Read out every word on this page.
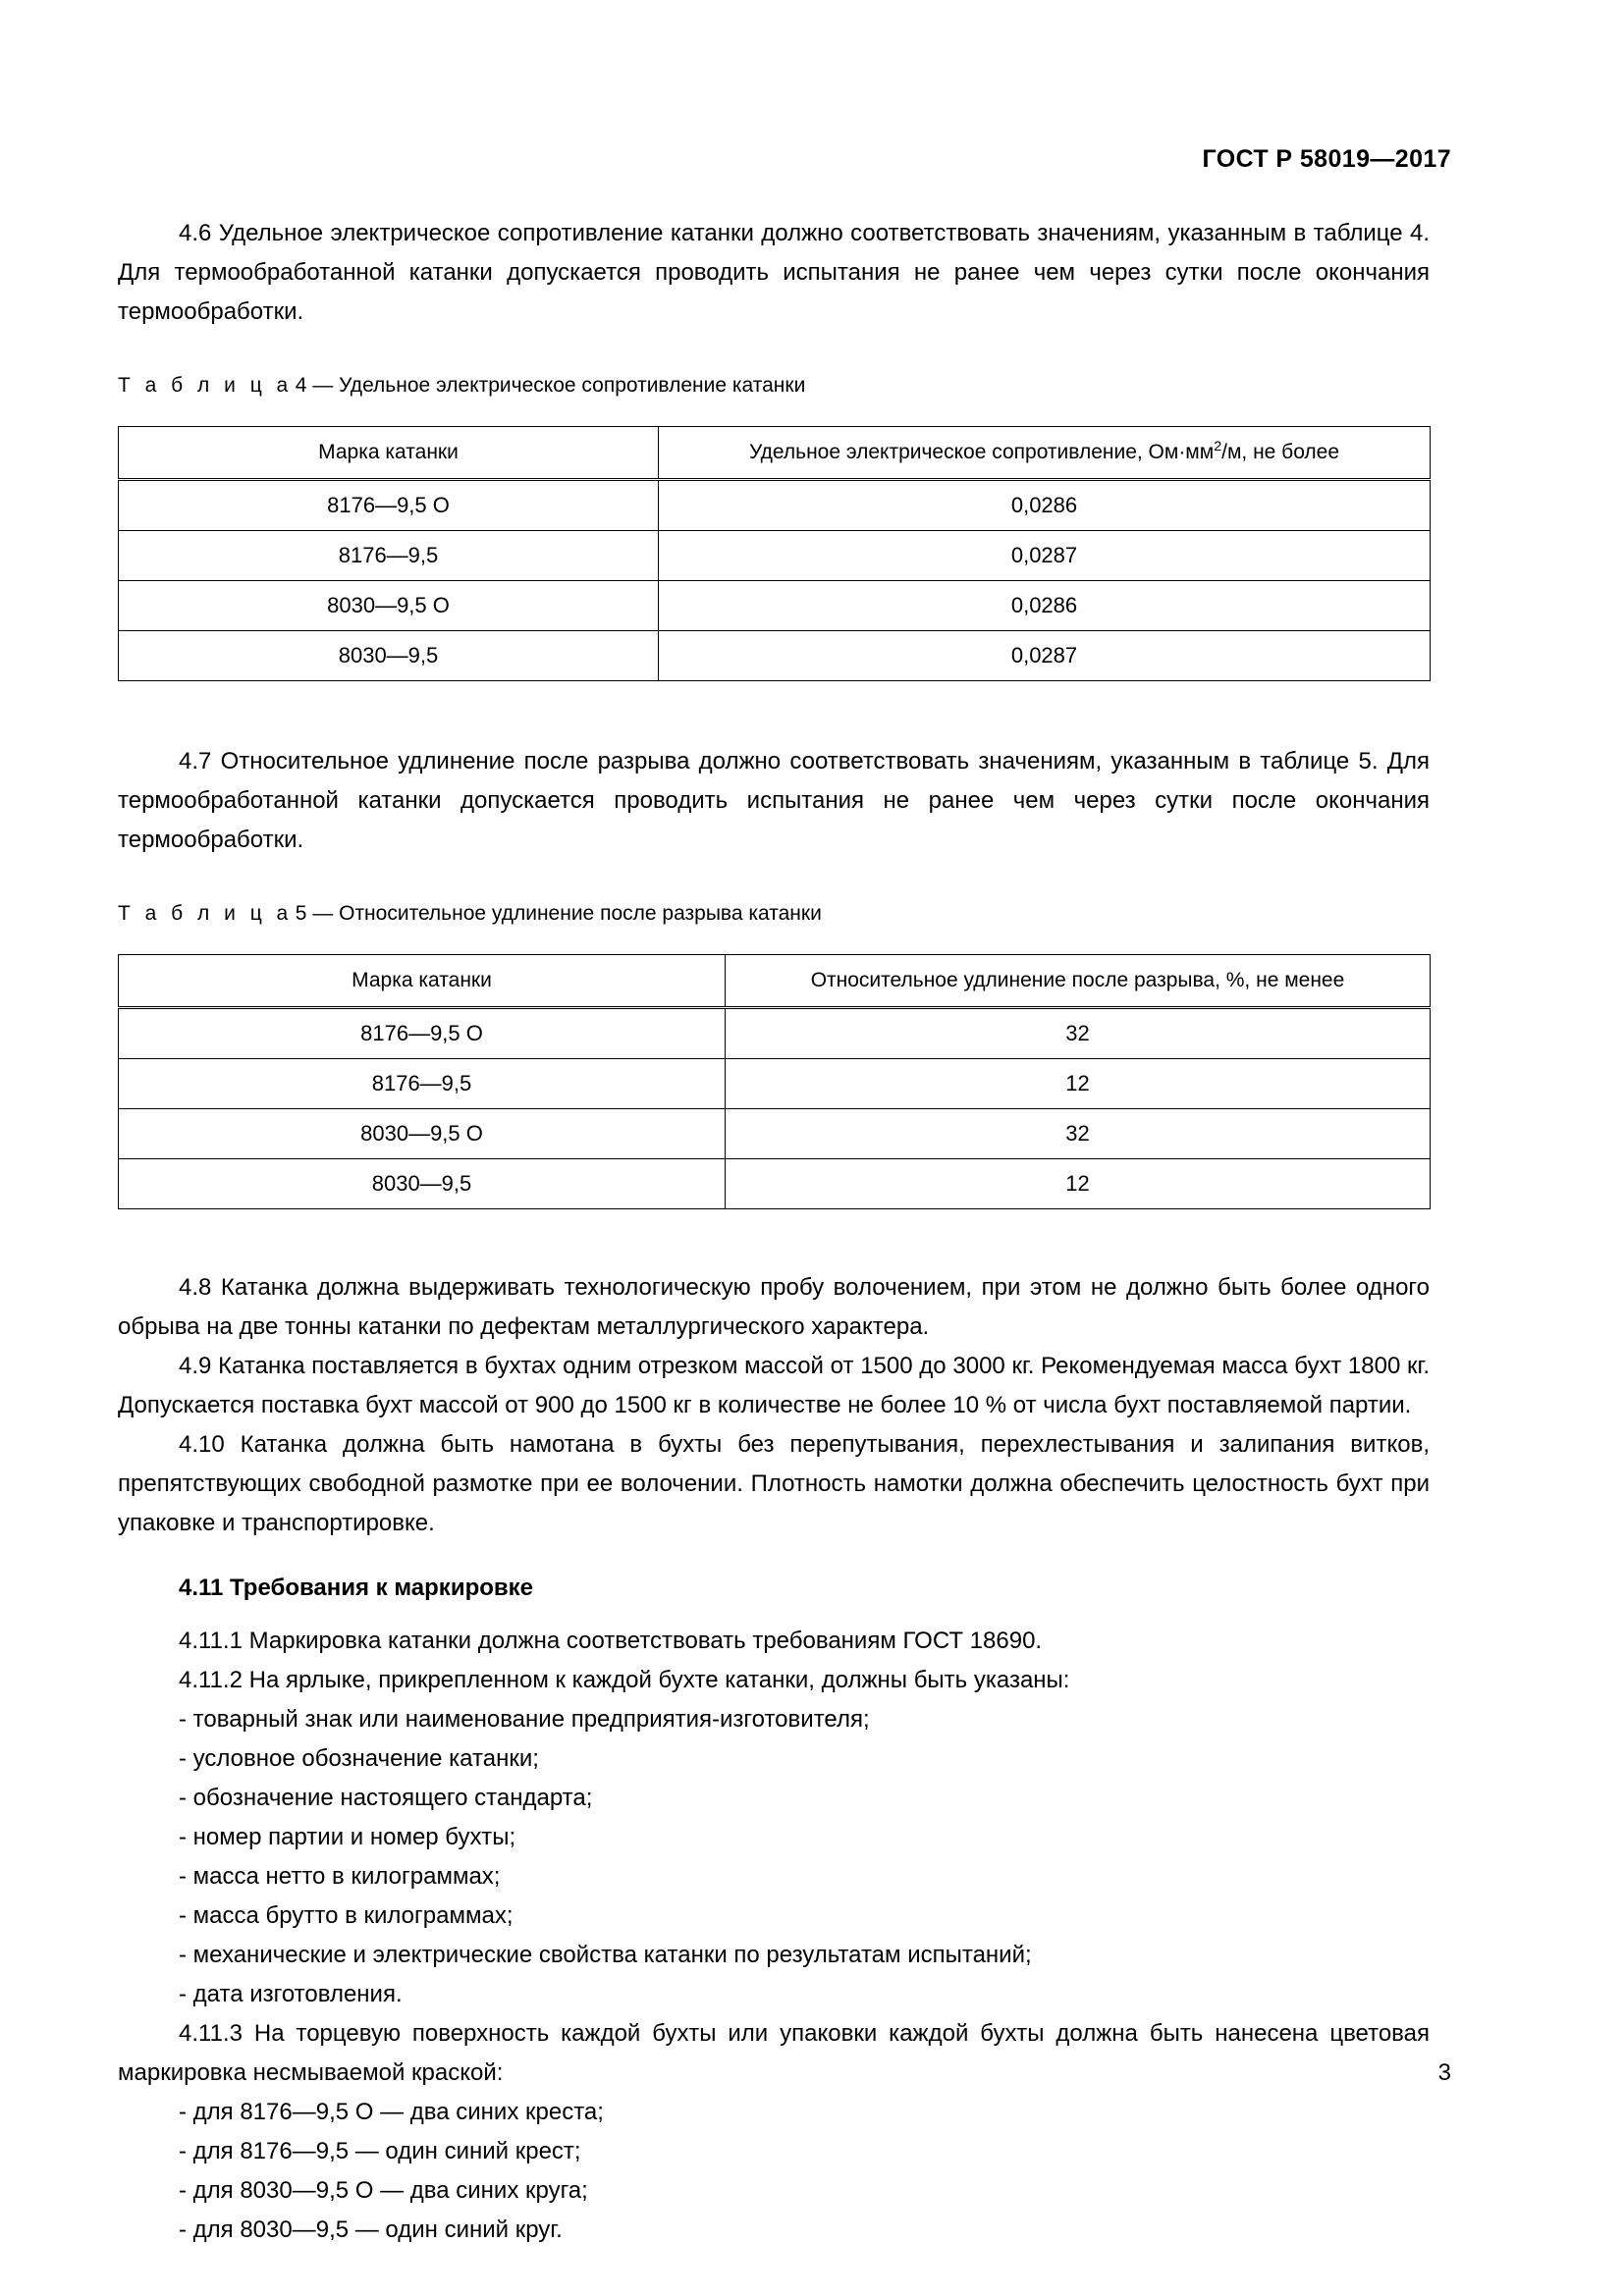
ГОСТ Р 58019—2017

4.6 Удельное электрическое сопротивление катанки должно соответствовать значениям, указанным в таблице 4. Для термообработанной катанки допускается проводить испытания не ранее чем через сутки после окончания термообработки.

Т а б л и ц а 4 — Удельное электрическое сопротивление катанки

Марка катанки	Удельное электрическое сопротивление, $Ом\cdot мм^2/м$, не более
8176—9,5 О	0,0286
8176—9,5	0,0287
8030—9,5 О	0,0286
8030—9,5	0,0287

4.7 Относительное удлинение после разрыва должно соответствовать значениям, указанным в таблице 5. Для термообработанной катанки допускается проводить испытания не ранее чем через сутки после окончания термообработки.

Т а б л и ц а 5 — Относительное удлинение после разрыва катанки

Марка катанки	Относительное удлинение после разрыва, %, не менее
8176—9,5 О	32
8176—9,5	12
8030—9,5 О	32
8030—9,5	12

4.8 Катанка должна выдерживать технологическую пробу волочением, при этом не должно быть более одного обрыва на две тонны катанки по дефектам металлургического характера.

4.9 Катанка поставляется в бухтах одним отрезком массой от 1500 до 3000 кг. Рекомендуемая масса бухт 1800 кг. Допускается поставка бухт массой от 900 до 1500 кг в количестве не более 10 % от числа бухт поставляемой партии.

4.10 Катанка должна быть намотана в бухты без перепутывания, перехлестывания и залипания витков, препятствующих свободной размотке при ее волочении. Плотность намотки должна обеспечить целостность бухт при упаковке и транспортировке.

4.11 Требования к маркировке

4.11.1 Маркировка катанки должна соответствовать требованиям ГОСТ 18690.

4.11.2 На ярлыке, прикрепленном к каждой бухте катанки, должны быть указаны:

- товарный знак или наименование предприятия-изготовителя;

- условное обозначение катанки;

- обозначение настоящего стандарта;

- номер партии и номер бухты;

- масса нетто в килограммах;

- масса брутто в килограммах;

- механические и электрические свойства катанки по результатам испытаний;

- дата изготовления.

4.11.3 На торцевую поверхность каждой бухты или упаковки каждой бухты должна быть нанесена цветовая маркировка несмываемой краской:

- для 8176—9,5 О — два синих креста;

- для 8176—9,5 — один синий крест;

- для 8030—9,5 О — два синих круга;

- для 8030—9,5 — один синий круг.

3
